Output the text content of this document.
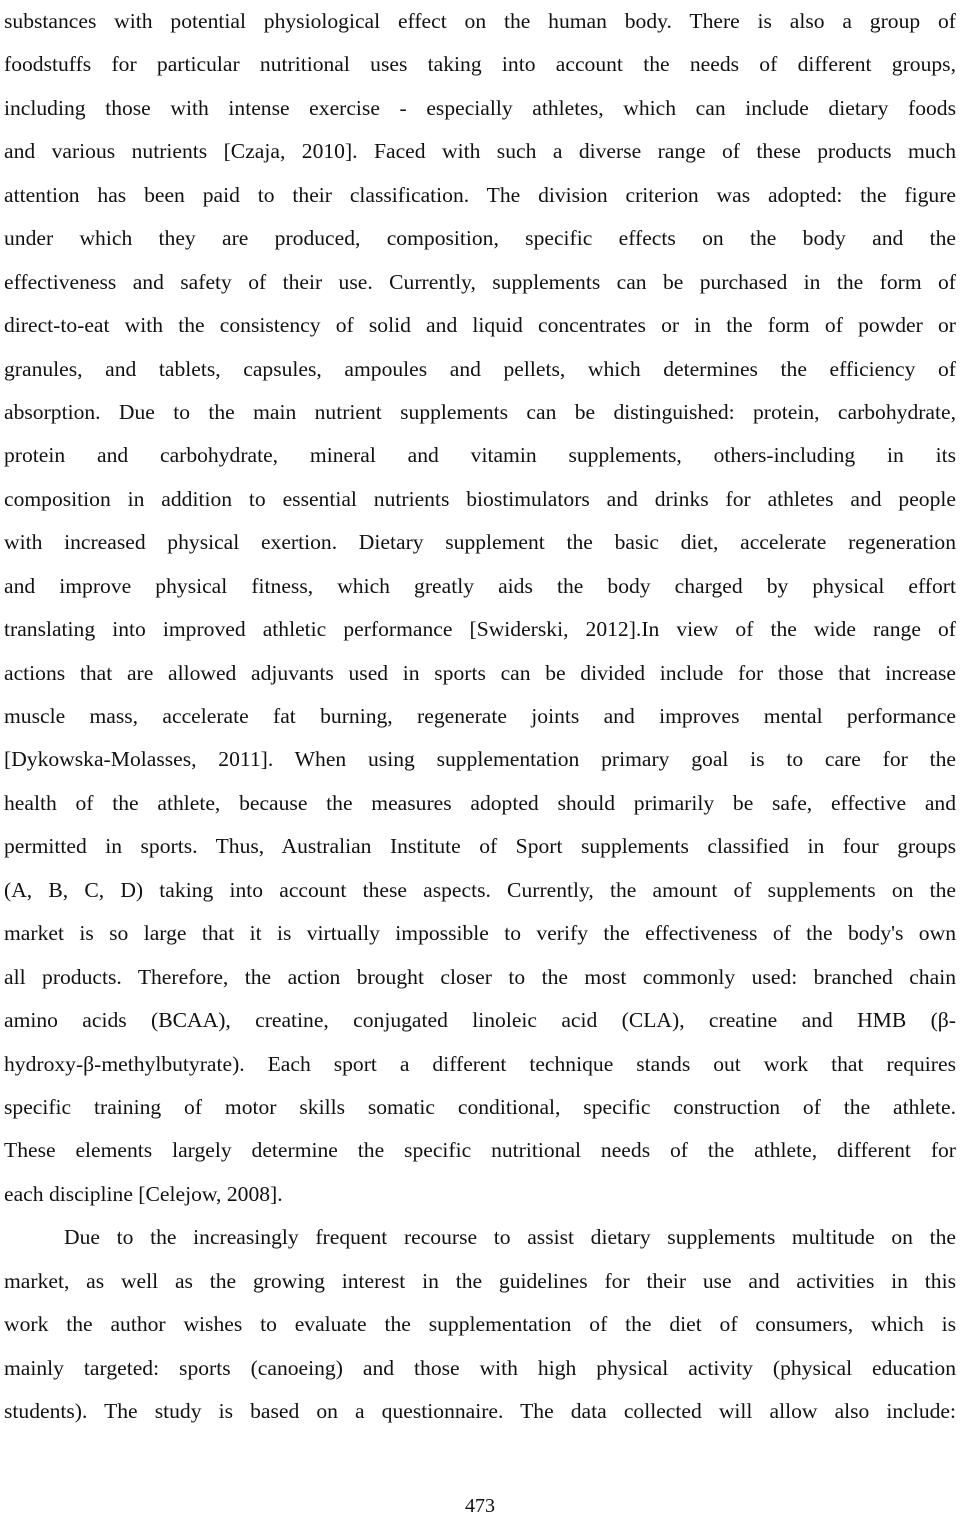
substances with potential physiological effect on the human body. There is also a group of
foodstuffs for particular nutritional uses taking into account the needs of different groups,
including those with intense exercise - especially athletes, which can include dietary foods
and various nutrients [Czaja, 2010]. Faced with such a diverse range of these products much
attention has been paid to their classification. The division criterion was adopted: the figure
under which they are produced, composition, specific effects on the body and the
effectiveness and safety of their use. Currently, supplements can be purchased in the form of
direct-to-eat with the consistency of solid and liquid concentrates or in the form of powder or
granules, and tablets, capsules, ampoules and pellets, which determines the efficiency of
absorption. Due to the main nutrient supplements can be distinguished: protein, carbohydrate,
protein and carbohydrate, mineral and vitamin supplements, others-including in its
composition in addition to essential nutrients biostimulators and drinks for athletes and people
with increased physical exertion. Dietary supplement the basic diet, accelerate regeneration
and improve physical fitness, which greatly aids the body charged by physical effort
translating into improved athletic performance [Swiderski, 2012].In view of the wide range of
actions that are allowed adjuvants used in sports can be divided include for those that increase
muscle mass, accelerate fat burning, regenerate joints and improves mental performance
[Dykowska-Molasses, 2011]. When using supplementation primary goal is to care for the
health of the athlete, because the measures adopted should primarily be safe, effective and
permitted in sports. Thus, Australian Institute of Sport supplements classified in four groups
(A, B, C, D) taking into account these aspects. Currently, the amount of supplements on the
market is so large that it is virtually impossible to verify the effectiveness of the body's own
all products. Therefore, the action brought closer to the most commonly used: branched chain
amino acids (BCAA), creatine, conjugated linoleic acid (CLA), creatine and HMB (β-
hydroxy-β-methylbutyrate). Each sport a different technique stands out work that requires
specific training of motor skills somatic conditional, specific construction of the athlete.
These elements largely determine the specific nutritional needs of the athlete, different for
each discipline [Celejow, 2008].
Due to the increasingly frequent recourse to assist dietary supplements multitude on the
market, as well as the growing interest in the guidelines for their use and activities in this
work the author wishes to evaluate the supplementation of the diet of consumers, which is
mainly targeted: sports (canoeing) and those with high physical activity (physical education
students). The study is based on a questionnaire. The data collected will allow also include:
473
